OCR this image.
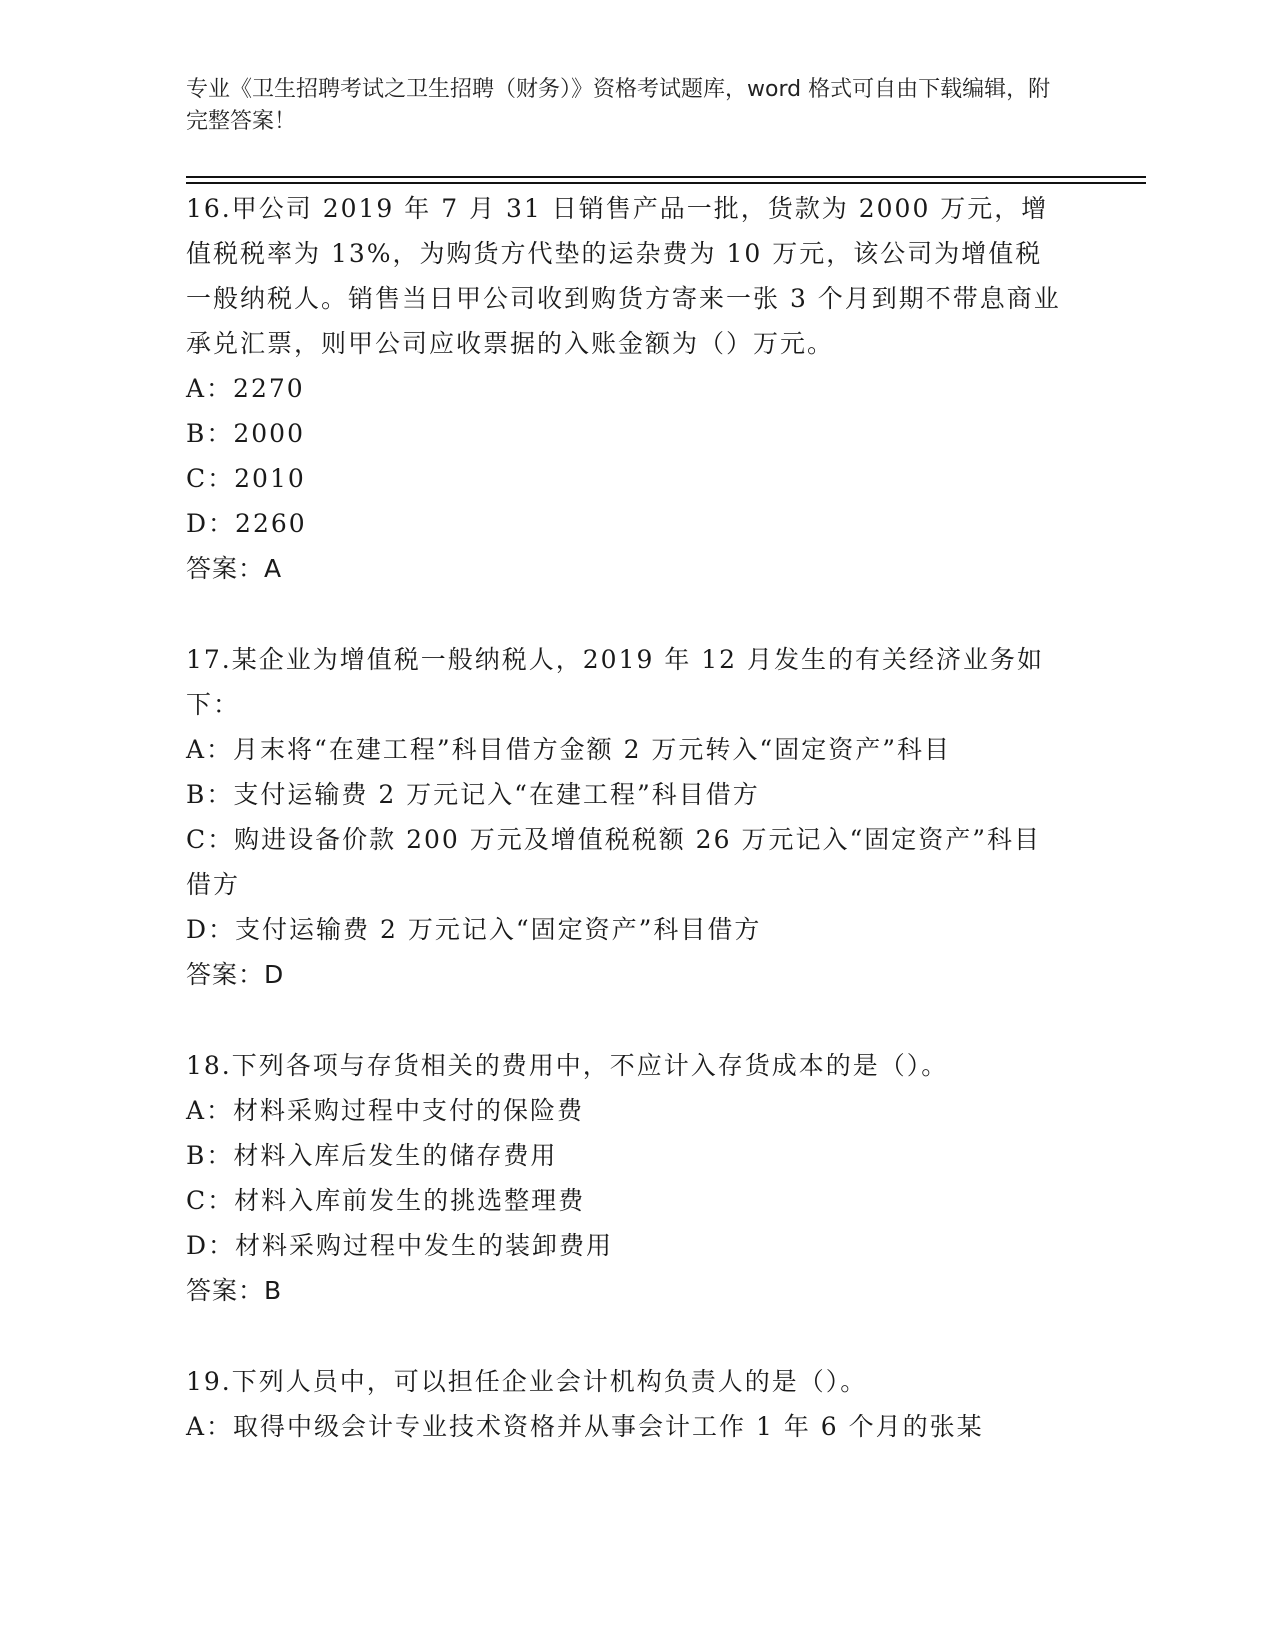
专业《卫生招聘考试之卫生招聘（财务）》资格考试题库，word 格式可自由下载编辑，附完整答案！

16.甲公司 2019 年 7 月 31 日销售产品一批，货款为 2000 万元，增值税税率为 13%，为购货方代垫的运杂费为 10 万元，该公司为增值税一般纳税人。销售当日甲公司收到购货方寄来一张 3 个月到期不带息商业承兑汇票，则甲公司应收票据的入账金额为（）万元。

A：2270

B：2000

C：2010

D：2260

答案：A

17.某企业为增值税一般纳税人，2019 年 12 月发生的有关经济业务如下：

A：月末将“在建工程”科目借方金额 2 万元转入“固定资产”科目

B：支付运输费 2 万元记入“在建工程”科目借方

C：购进设备价款 200 万元及增值税税额 26 万元记入“固定资产”科目借方

D：支付运输费 2 万元记入“固定资产”科目借方

答案：D

18.下列各项与存货相关的费用中，不应计入存货成本的是（）。

A：材料采购过程中支付的保险费

B：材料入库后发生的储存费用

C：材料入库前发生的挑选整理费

D：材料采购过程中发生的装卸费用

答案：B

19.下列人员中，可以担任企业会计机构负责人的是（）。

A：取得中级会计专业技术资格并从事会计工作 1 年 6 个月的张某
